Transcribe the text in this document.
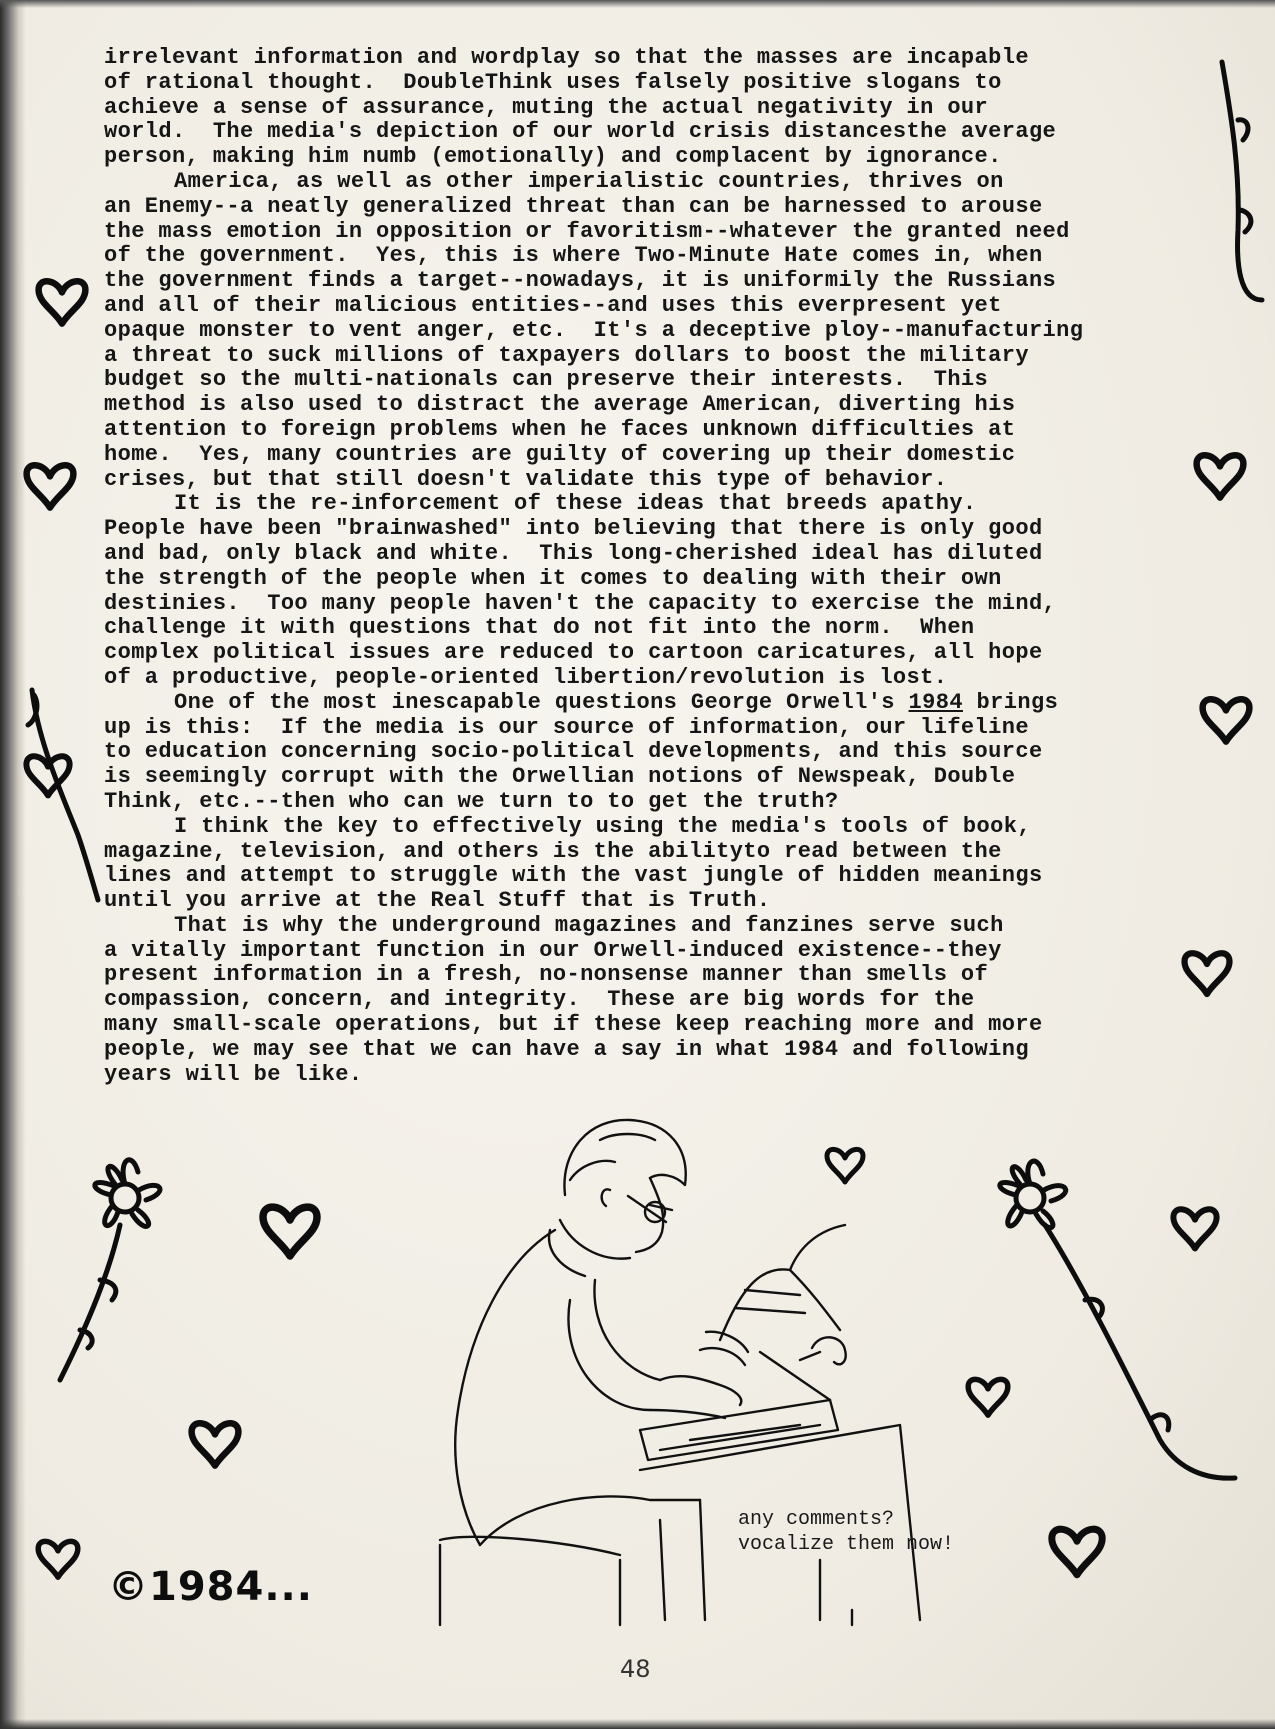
irrelevant information and wordplay so that the masses are incapable
of rational thought.  DoubleThink uses falsely positive slogans to
achieve a sense of assurance, muting the actual negativity in our
world.  The media's depiction of our world crisis distancesthe average
person, making him numb (emotionally) and complacent by ignorance.
America, as well as other imperialistic countries, thrives on
an Enemy--a neatly generalized threat than can be harnessed to arouse
the mass emotion in opposition or favoritism--whatever the granted need
of the government.  Yes, this is where Two-Minute Hate comes in, when
the government finds a target--nowadays, it is uniformily the Russians
and all of their malicious entities--and uses this everpresent yet
opaque monster to vent anger, etc.  It's a deceptive ploy--manufacturing
a threat to suck millions of taxpayers dollars to boost the military
budget so the multi-nationals can preserve their interests.  This
method is also used to distract the average American, diverting his
attention to foreign problems when he faces unknown difficulties at
home.  Yes, many countries are guilty of covering up their domestic
crises, but that still doesn't validate this type of behavior.
It is the re-inforcement of these ideas that breeds apathy.
People have been "brainwashed" into believing that there is only good
and bad, only black and white.  This long-cherished ideal has diluted
the strength of the people when it comes to dealing with their own
destinies.  Too many people haven't the capacity to exercise the mind,
challenge it with questions that do not fit into the norm.  When
complex political issues are reduced to cartoon caricatures, all hope
of a productive, people-oriented libertion/revolution is lost.
One of the most inescapable questions George Orwell's 1984 brings
up is this:  If the media is our source of information, our lifeline
to education concerning socio-political developments, and this source
is seemingly corrupt with the Orwellian notions of Newspeak, Double
Think, etc.--then who can we turn to to get the truth?
I think the key to effectively using the media's tools of book,
magazine, television, and others is the abilityto read between the
lines and attempt to struggle with the vast jungle of hidden meanings
until you arrive at the Real Stuff that is Truth.
That is why the underground magazines and fanzines serve such
a vitally important function in our Orwell-induced existence--they
present information in a fresh, no-nonsense manner than smells of
compassion, concern, and integrity.  These are big words for the
many small-scale operations, but if these keep reaching more and more
people, we may see that we can have a say in what 1984 and following
years will be like.
any comments?
vocalize them now!
©1984...
48
